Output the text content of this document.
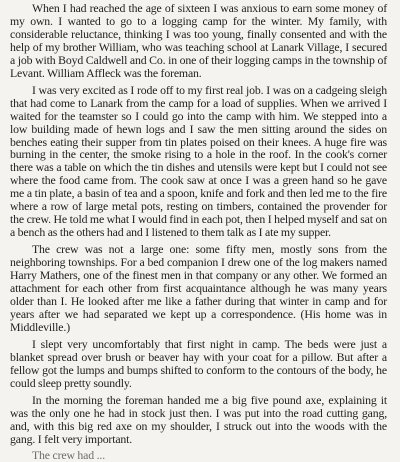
When I had reached the age of sixteen I was anxious to earn some money of my own. I wanted to go to a logging camp for the winter. My family, with considerable reluctance, thinking I was too young, finally consented and with the help of my brother William, who was teaching school at Lanark Village, I secured a job with Boyd Caldwell and Co. in one of their logging camps in the township of Levant. William Affleck was the foreman.

I was very excited as I rode off to my first real job. I was on a cadgeing sleigh that had come to Lanark from the camp for a load of supplies. When we arrived I waited for the teamster so I could go into the camp with him. We stepped into a low building made of hewn logs and I saw the men sitting around the sides on benches eating their supper from tin plates poised on their knees. A huge fire was burning in the center, the smoke rising to a hole in the roof. In the cook's corner there was a table on which the tin dishes and utensils were kept but I could not see where the food came from. The cook saw at once I was a green hand so he gave me a tin plate, a basin of tea and a spoon, knife and fork and then led me to the fire where a row of large metal pots, resting on timbers, contained the provender for the crew. He told me what I would find in each pot, then I helped myself and sat on a bench as the others had and I listened to them talk as I ate my supper.

The crew was not a large one: some fifty men, mostly sons from the neighboring townships. For a bed companion I drew one of the log makers named Harry Mathers, one of the finest men in that company or any other. We formed an attachment for each other from first acquaintance although he was many years older than I. He looked after me like a father during that winter in camp and for years after we had separated we kept up a correspondence. (His home was in Middleville.)

I slept very uncomfortably that first night in camp. The beds were just a blanket spread over brush or beaver hay with your coat for a pillow. But after a fellow got the lumps and bumps shifted to conform to the contours of the body, he could sleep pretty soundly.

In the morning the foreman handed me a big five pound axe, explaining it was the only one he had in stock just then. I was put into the road cutting gang, and, with this big red axe on my shoulder, I struck out into the woods with the gang. I felt very important.

The crew had ...
